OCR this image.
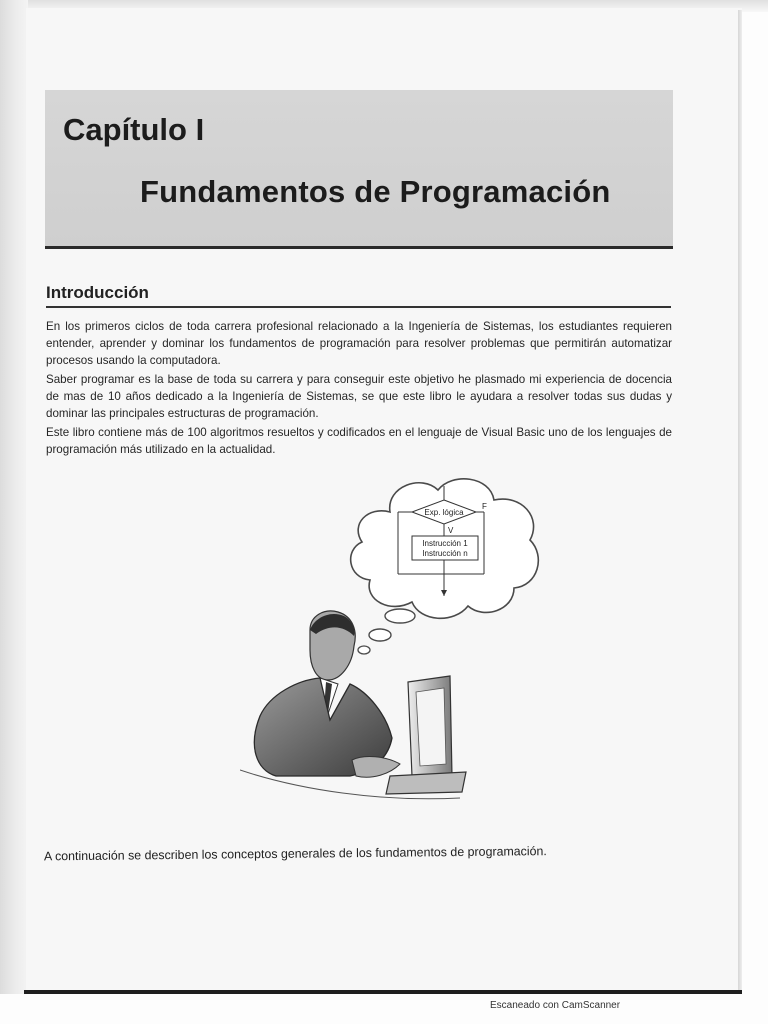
Capítulo I
Fundamentos de Programación
Introducción

En los primeros ciclos de toda carrera profesional relacionado a la Ingeniería de Sistemas, los estudiantes requieren entender, aprender y dominar los fundamentos de programación para resolver problemas que permitirán automatizar procesos usando la computadora.

Saber programar es la base de toda su carrera y para conseguir este objetivo he plasmado mi experiencia de docencia de mas de 10 años dedicado a la Ingeniería de Sistemas, se que este libro le ayudara a resolver todas sus dudas y dominar las principales estructuras de programación.

Este libro contiene más de 100 algoritmos resueltos y codificados en el lenguaje de Visual Basic uno de los lenguajes de programación más utilizado en la actualidad.

Exp. lógica
F
V
Instrucción 1
Instrucción n

A continuación se describen los conceptos generales de los fundamentos de programación.

Escaneado con CamScanner
